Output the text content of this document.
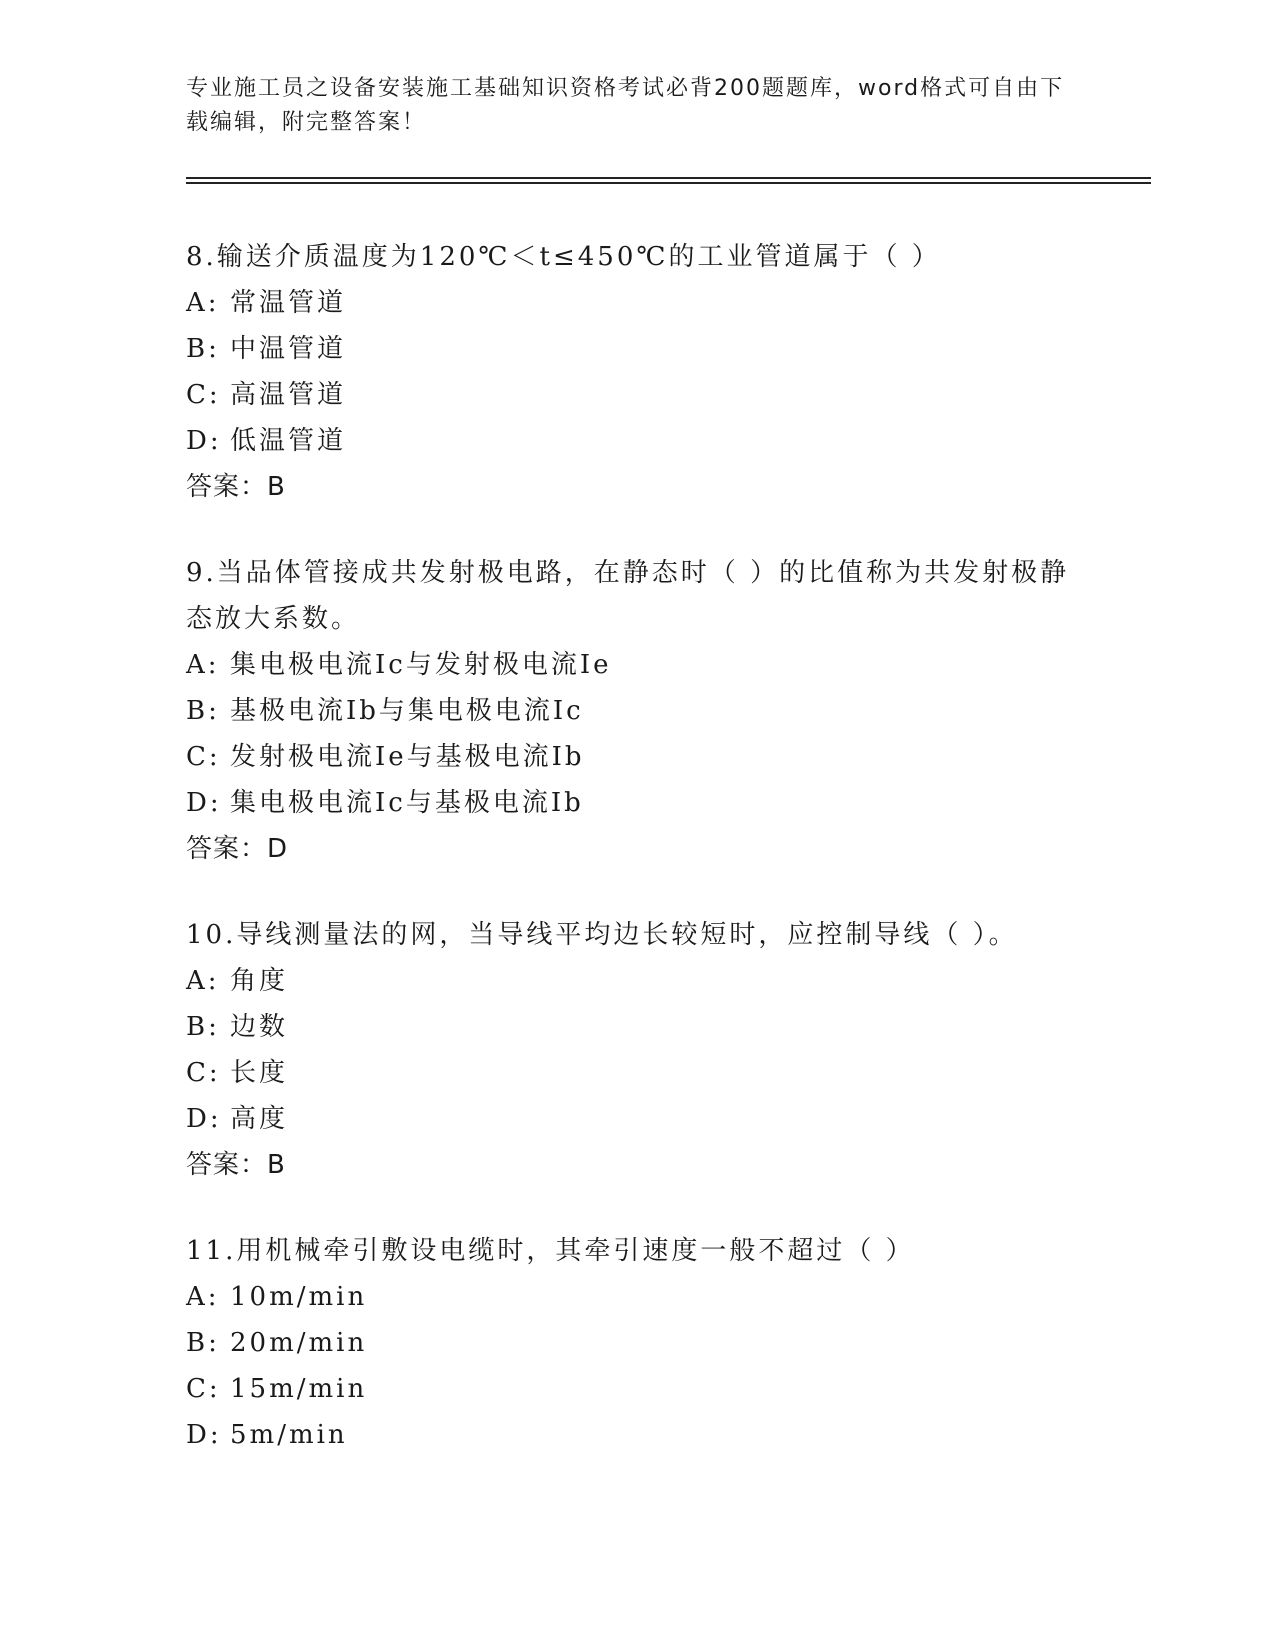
专业施工员之设备安装施工基础知识资格考试必背200题题库，word格式可自由下载编辑，附完整答案！
8.输送介质温度为120℃＜t≤450℃的工业管道属于（ ）
A: 常温管道
B: 中温管道
C: 高温管道
D: 低温管道
答案：B
9.当品体管接成共发射极电路，在静态时（ ）的比值称为共发射极静态放大系数。
A: 集电极电流Ic与发射极电流Ie
B: 基极电流Ib与集电极电流Ic
C: 发射极电流Ie与基极电流Ib
D: 集电极电流Ic与基极电流Ib
答案：D
10.导线测量法的网，当导线平均边长较短时，应控制导线（ ）。
A: 角度
B: 边数
C: 长度
D: 高度
答案：B
11.用机械牵引敷设电缆时，其牵引速度一般不超过（ ）
A: 10m/min
B: 20m/min
C: 15m/min
D: 5m/min
